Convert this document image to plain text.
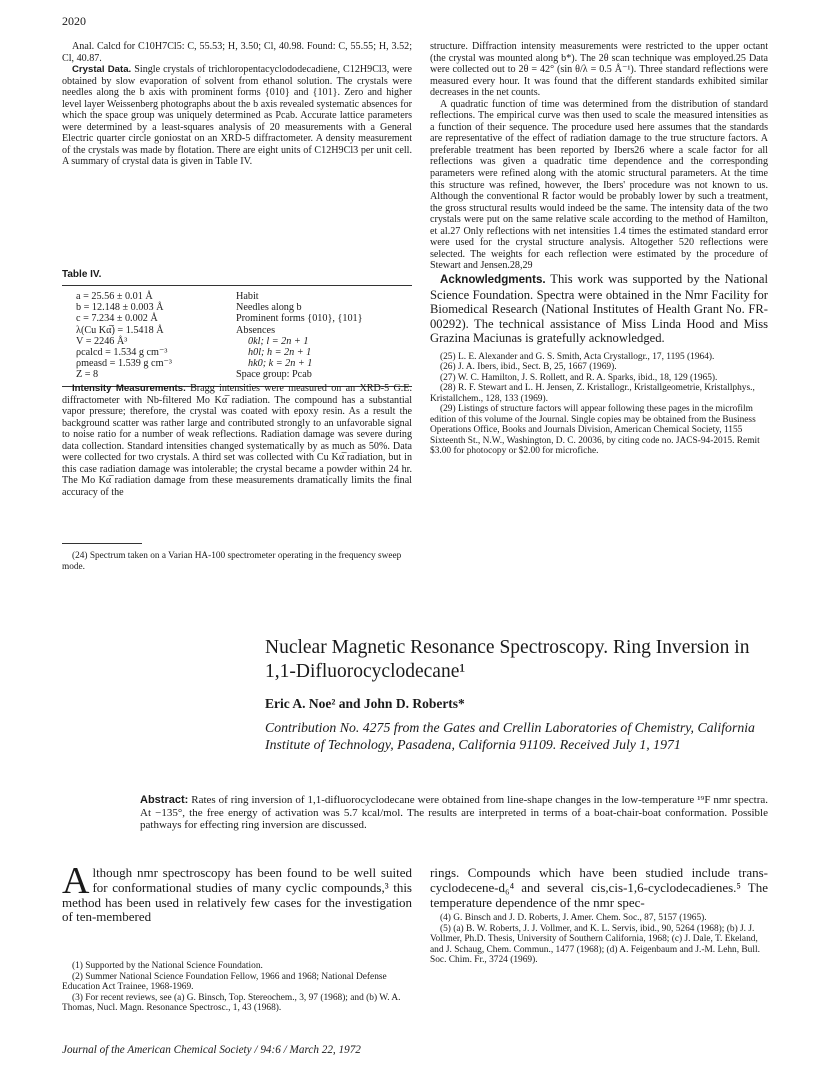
2020

Anal. Calcd for C10H7Cl5: C, 55.53; H, 3.50; Cl, 40.98. Found: C, 55.55; H, 3.52; Cl, 40.87.

Crystal Data. Single crystals of trichloropentacyclododecadiene, C12H9Cl3, were obtained by slow evaporation of solvent from ethanol solution. The crystals were needles along the b axis with prominent forms {010} and {101}. Zero and higher level layer Weissenberg photographs about the b axis revealed systematic absences for which the space group was uniquely determined as Pcab. Accurate lattice parameters were determined by a least-squares analysis of 20 measurements with a General Electric quarter circle goniostat on an XRD-5 diffractometer. A density measurement of the crystals was made by flotation. There are eight units of C12H9Cl3 per unit cell. A summary of crystal data is given in Table IV.

Table IV.
a = 25.56 ± 0.01 Å
b = 12.148 ± 0.003 Å
c = 7.234 ± 0.002 Å
λ(Cu Kα̅) = 1.5418 Å
V = 2246 Å³
ρcalcd = 1.534 g cm⁻³
ρmeasd = 1.539 g cm⁻³
Z = 8
Habit
Needles along b
Prominent forms {010}, {101}
Absences
0kl; l = 2n + 1
h0l; h = 2n + 1
hk0; k = 2n + 1
Space group: Pcab

Intensity Measurements. Bragg intensities were measured on an XRD-5 G.E. diffractometer with Nb-filtered Mo Kα̅ radiation. The compound has a substantial vapor pressure; therefore, the crystal was coated with epoxy resin. As a result the background scatter was rather large and contributed strongly to an unfavorable signal to noise ratio for a number of weak reflections. Radiation damage was severe during data collection. Standard intensities changed systematically by as much as 50%. Data were collected for two crystals. A third set was collected with Cu Kα̅ radiation, but in this case radiation damage was intolerable; the crystal became a powder within 24 hr. The Mo Kα̅ radiation damage from these measurements dramatically limits the final accuracy of the

(24) Spectrum taken on a Varian HA-100 spectrometer operating in the frequency sweep mode.

structure. Diffraction intensity measurements were restricted to the upper octant (the crystal was mounted along b*). The 2θ scan technique was employed.25 Data were collected out to 2θ = 42° (sin θ/λ = 0.5 Å⁻¹). Three standard reflections were measured every hour. It was found that the different standards exhibited similar decreases in the net counts.

A quadratic function of time was determined from the distribution of standard reflections. The empirical curve was then used to scale the measured intensities as a function of their sequence. The procedure used here assumes that the standards are representative of the effect of radiation damage to the true structure factors. A preferable treatment has been reported by Ibers26 where a scale factor for all reflections was given a quadratic time dependence and the corresponding parameters were refined along with the atomic structural parameters. At the time this structure was refined, however, the Ibers' procedure was not known to us. Although the conventional R factor would be probably lower by such a treatment, the gross structural results would indeed be the same. The intensity data of the two crystals were put on the same relative scale according to the method of Hamilton, et al.27 Only reflections with net intensities 1.4 times the estimated standard error were used for the crystal structure analysis. Altogether 520 reflections were selected. The weights for each reflection were estimated by the procedure of Stewart and Jensen.28,29

Acknowledgments. This work was supported by the National Science Foundation. Spectra were obtained in the Nmr Facility for Biomedical Research (National Institutes of Health Grant No. FR-00292). The technical assistance of Miss Linda Hood and Miss Grazina Maciunas is gratefully acknowledged.

(25) L. E. Alexander and G. S. Smith, Acta Crystallogr., 17, 1195 (1964).

(26) J. A. Ibers, ibid., Sect. B, 25, 1667 (1969).

(27) W. C. Hamilton, J. S. Rollett, and R. A. Sparks, ibid., 18, 129 (1965).

(28) R. F. Stewart and L. H. Jensen, Z. Kristallogr., Kristallgeometrie, Kristallphys., Kristallchem., 128, 133 (1969).

(29) Listings of structure factors will appear following these pages in the microfilm edition of this volume of the Journal. Single copies may be obtained from the Business Operations Office, Books and Journals Division, American Chemical Society, 1155 Sixteenth St., N.W., Washington, D. C. 20036, by citing code no. JACS-94-2015. Remit $3.00 for photocopy or $2.00 for microfiche.

Nuclear Magnetic Resonance Spectroscopy. Ring Inversion in 1,1-Difluorocyclodecane¹
Eric A. Noe² and John D. Roberts*
Contribution No. 4275 from the Gates and Crellin Laboratories of Chemistry, California Institute of Technology, Pasadena, California 91109. Received July 1, 1971
Abstract: Rates of ring inversion of 1,1-difluorocyclodecane were obtained from line-shape changes in the low-temperature ¹⁹F nmr spectra. At −135°, the free energy of activation was 5.7 kcal/mol. The results are interpreted in terms of a boat-chair-boat conformation. Possible pathways for effecting ring inversion are discussed.
Although nmr spectroscopy has been found to be well suited for conformational studies of many cyclic compounds,³ this method has been used in relatively few cases for the investigation of ten-membered
rings. Compounds which have been studied include trans-cyclodecene-d₆⁴ and several cis,cis-1,6-cyclodecadienes.⁵ The temperature dependence of the nmr spec-

(1) Supported by the National Science Foundation.

(2) Summer National Science Foundation Fellow, 1966 and 1968; National Defense Education Act Trainee, 1968-1969.

(3) For recent reviews, see (a) G. Binsch, Top. Stereochem., 3, 97 (1968); and (b) W. A. Thomas, Nucl. Magn. Resonance Spectrosc., 1, 43 (1968).

(4) G. Binsch and J. D. Roberts, J. Amer. Chem. Soc., 87, 5157 (1965).

(5) (a) B. W. Roberts, J. J. Vollmer, and K. L. Servis, ibid., 90, 5264 (1968); (b) J. J. Vollmer, Ph.D. Thesis, University of Southern California, 1968; (c) J. Dale, T. Ekeland, and J. Schaug, Chem. Commun., 1477 (1968); (d) A. Feigenbaum and J.-M. Lehn, Bull. Soc. Chim. Fr., 3724 (1969).

Journal of the American Chemical Society / 94:6 / March 22, 1972
